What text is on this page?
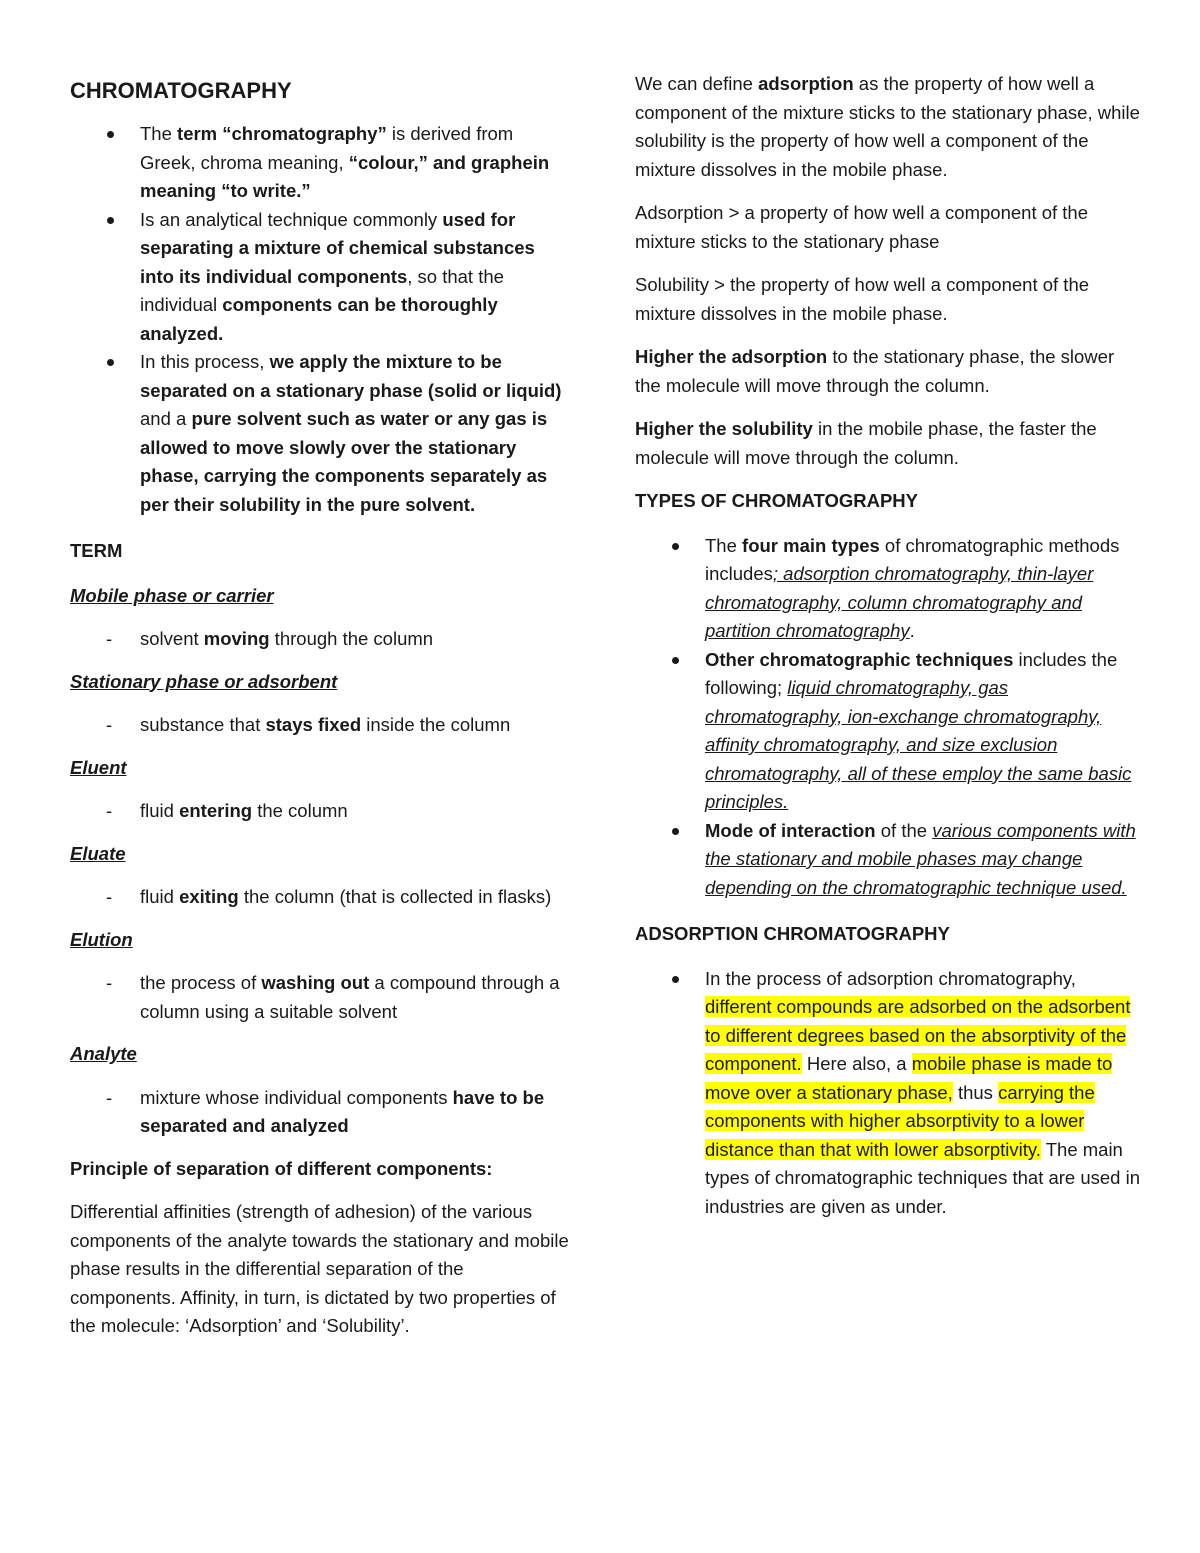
CHROMATOGRAPHY

The term “chromatography” is derived from Greek, chroma meaning, “colour,” and graphein meaning “to write.”
Is an analytical technique commonly used for separating a mixture of chemical substances into its individual components, so that the individual components can be thoroughly analyzed.
In this process, we apply the mixture to be separated on a stationary phase (solid or liquid) and a pure solvent such as water or any gas is allowed to move slowly over the stationary phase, carrying the components separately as per their solubility in the pure solvent.

TERM

Mobile phase or carrier

- solvent moving through the column

Stationary phase or adsorbent

- substance that stays fixed inside the column

Eluent

- fluid entering the column

Eluate

- fluid exiting the column (that is collected in flasks)

Elution

- the process of washing out a compound through a column using a suitable solvent

Analyte

- mixture whose individual components have to be separated and analyzed

Principle of separation of different components:

Differential affinities (strength of adhesion) of the various components of the analyte towards the stationary and mobile phase results in the differential separation of the components. Affinity, in turn, is dictated by two properties of the molecule: ‘Adsorption’ and ‘Solubility’.

We can define adsorption as the property of how well a component of the mixture sticks to the stationary phase, while solubility is the property of how well a component of the mixture dissolves in the mobile phase.

Adsorption > a property of how well a component of the mixture sticks to the stationary phase

Solubility > the property of how well a component of the mixture dissolves in the mobile phase.

Higher the adsorption to the stationary phase, the slower the molecule will move through the column.

Higher the solubility in the mobile phase, the faster the molecule will move through the column.

TYPES OF CHROMATOGRAPHY

The four main types of chromatographic methods includes; adsorption chromatography, thin-layer chromatography, column chromatography and partition chromatography.
Other chromatographic techniques includes the following; liquid chromatography, gas chromatography, ion-exchange chromatography, affinity chromatography, and size exclusion chromatography, all of these employ the same basic principles.
Mode of interaction of the various components with the stationary and mobile phases may change depending on the chromatographic technique used.

ADSORPTION CHROMATOGRAPHY

In the process of adsorption chromatography, different compounds are adsorbed on the adsorbent to different degrees based on the absorptivity of the component. Here also, a mobile phase is made to move over a stationary phase, thus carrying the components with higher absorptivity to a lower distance than that with lower absorptivity. The main types of chromatographic techniques that are used in industries are given as under.
